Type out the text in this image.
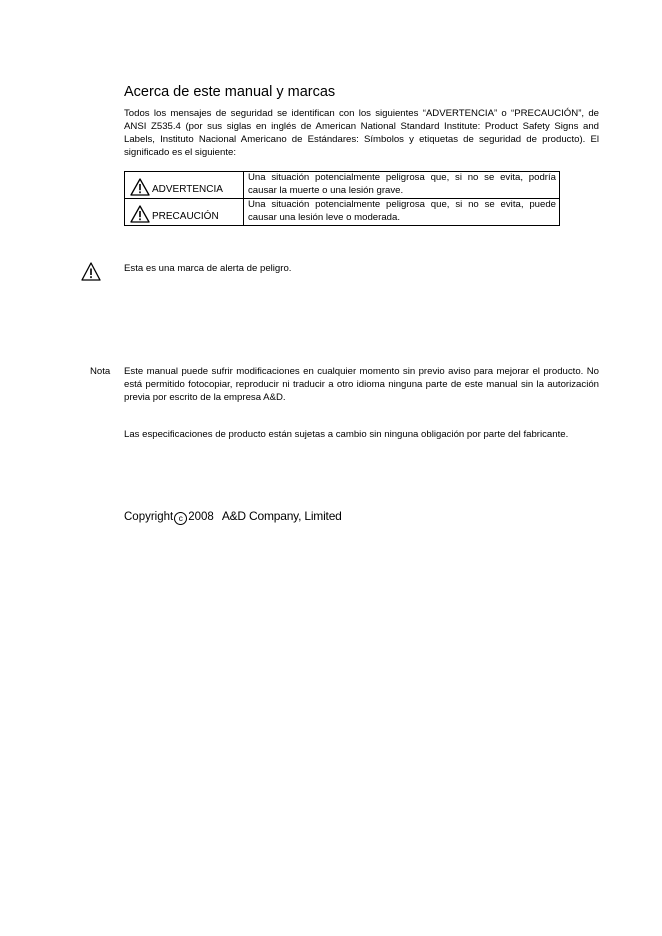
Acerca de este manual y marcas

Todos los mensajes de seguridad se identifican con los siguientes “ADVERTENCIA” o “PRECAUCIÓN”, de ANSI Z535.4 (por sus siglas en inglés de American National Standard Institute: Product Safety Signs and Labels, Instituto Nacional Americano de Estándares: Símbolos y etiquetas de seguridad de producto). El significado es el siguiente:

ADVERTENCIA	Una situación potencialmente peligrosa que, si no se evita, podría causar la muerte o una lesión grave.

PRECAUCIÓN	Una situación potencialmente peligrosa que, si no se evita, puede causar una lesión leve o moderada.
Esta es una marca de alerta de peligro.
Nota Este manual puede sufrir modificaciones en cualquier momento sin previo aviso para mejorar el producto. No está permitido fotocopiar, reproducir ni traducir a otro idioma ninguna parte de este manual sin la autorización previa por escrito de la empresa A&D.

Las especificaciones de producto están sujetas a cambio sin ninguna obligación por parte del fabricante.

Copyright c 2008 A&D Company, Limited
